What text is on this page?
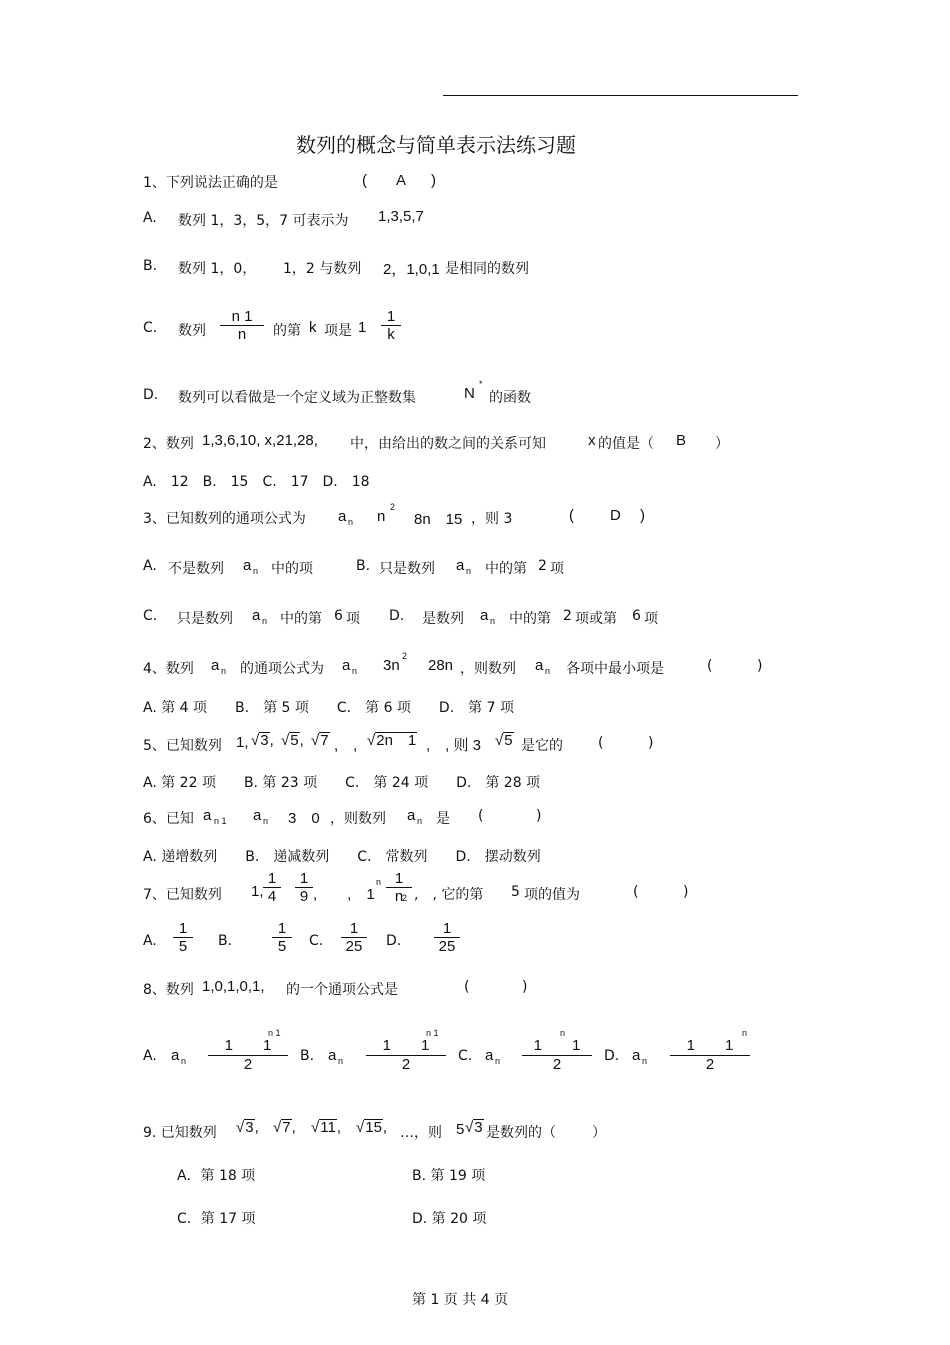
数列的概念与简单表示法练习题
1、下列说法正确的是	( A )
A. 数列 1，3，5，7 可表示为 1,3,5,7
B. 数列 1，0， 1，2 与数列 2，1,0,1 是相同的数列
C. 数列
n 1
n	的第 k 项是 1
1
k
D. 数列可以看做是一个定义域为正整数集	N
*
的函数
2、数列 1,3,6,10, x,21,28, 中，由给出的数之间的关系可知	x 的值是（ B ）
A.　12　B.　15　C.　17　D.　18
3、已知数列的通项公式为 a n n
2
8n　15 ，则 3	( D )
A. 不是数列 a n 中的项	B. 只是数列 a n 中的第 2 项
C. 只是数列 a n 中的第 6 项 D. 是数列 a n 中的第 2 项或第 6 项
4、数列 a n 的通项公式为 a n 3n
2
28n ，则数列 a n 各项中最小项是	(	)
A. 第 4 项　　B.　第 5 项　　C.　第 6 项　　D.　第 7 项
5、已知数列 1, √3, √5, √7 ,　, √2n　1 ,　, 则 3 √5 是它的	(	)
A. 第 22 项　　B. 第 23 项　　C.　第 24 项　　D.　第 28 项
6、已知 a n 1 a n 3　0 ，则数列 a n 是 (	)
A. 递增数列　　B.　递减数列　　C.　常数列　　D.　摆动数列
7、已知数列 1,
1
4
1
9 ,　　,　1
n 1
n
2 ,　, 它的第 5 项的值为	(	)
A.
1
5	B.
1
5	C.
1
25	D.
1
25
8、数列 1,0,1,0,1, 的一个通项公式是	(	)
A. a n
1　　1
2
n 1
B. a n
1　　1
2
n 1
C. a n
1　　1
2
n
D. a n
1　　1
2
n
9. 已知数列 √3, √7, √11, √15, …，则 5 √3 是数列的（	）
A．第 18 项	B. 第 19 项
C．第 17 项	D. 第 20 项
第 1 页 共 4 页
